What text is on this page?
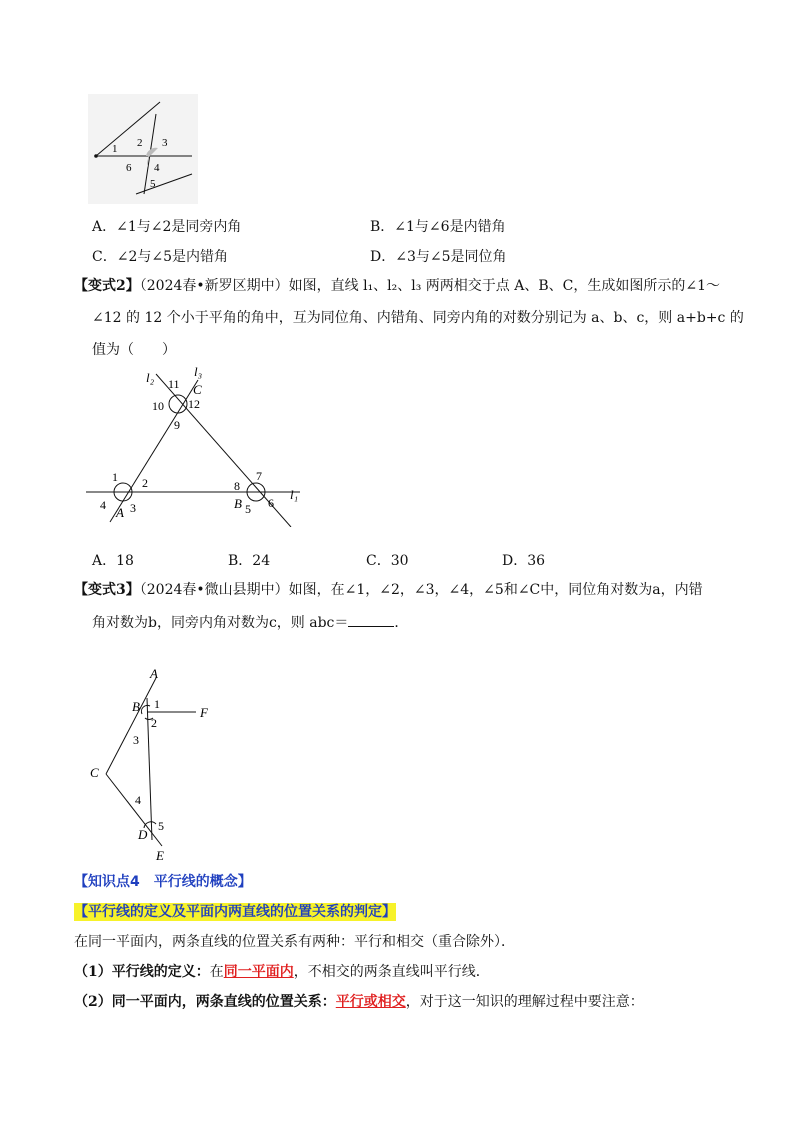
1 2 3
4
5
6
A．∠1与∠2是同旁内角	B．∠1与∠6是内错角
C．∠2与∠5是内错角	D．∠3与∠5是同位角
【变式2】（2024春•新罗区期中）如图，直线 l₁、l₂、l₃ 两两相交于点 A、B、C，生成如图所示的∠1～
∠12 的 12 个小于平角的角中，互为同位角、内错角、同旁内角的对数分别记为 a、b、c，则 a+b+c 的
值为（　　）
l₂	l₃
l₁
C
A
B
1 2
3
4	5 6
7
8
9
10
11
12
A．18	B．24	C．30	D．36
【变式3】（2024春•微山县期中）如图，在∠1，∠2，∠3，∠4，∠5和∠C中，同位角对数为a，内错
角对数为b，同旁内角对数为c，则 abc＝	．
A
B	F
C
D
E
1
2
3
4
5
【知识点4　平行线的概念】
【平行线的定义及平面内两直线的位置关系的判定】
在同一平面内，两条直线的位置关系有两种：平行和相交（重合除外）．
（1）平行线的定义：在同一平面内，不相交的两条直线叫平行线．
（2）同一平面内，两条直线的位置关系：平行或相交，对于这一知识的理解过程中要注意：
